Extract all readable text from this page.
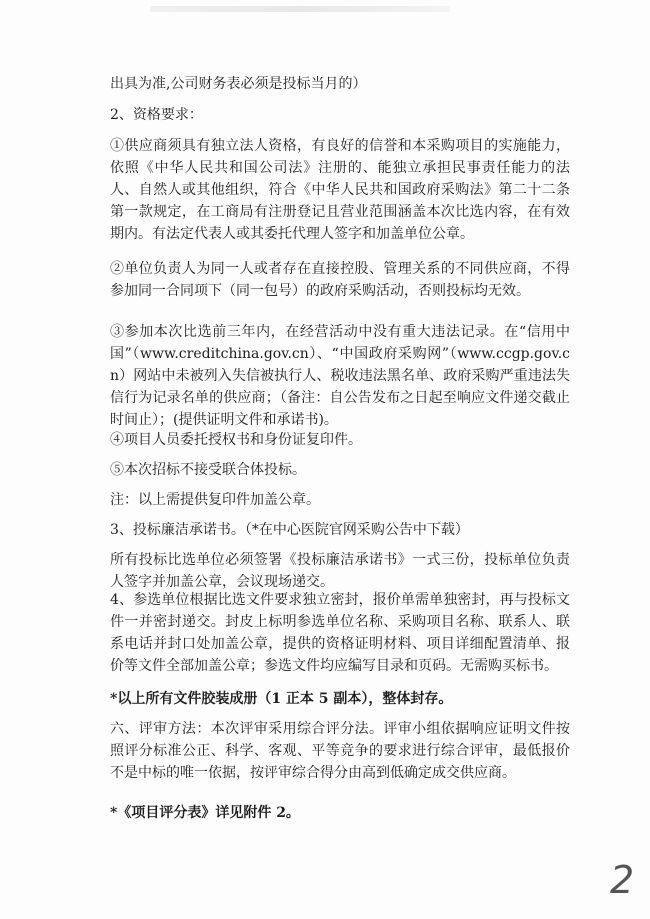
出具为准,公司财务表必须是投标当月的）

2、资格要求：

①供应商须具有独立法人资格，有良好的信誉和本采购项目的实施能力，依照《中华人民共和国公司法》注册的、能独立承担民事责任能力的法人、自然人或其他组织，符合《中华人民共和国政府采购法》第二十二条第一款规定，在工商局有注册登记且营业范围涵盖本次比选内容，在有效期内。有法定代表人或其委托代理人签字和加盖单位公章。

②单位负责人为同一人或者存在直接控股、管理关系的不同供应商，不得参加同一合同项下（同一包号）的政府采购活动，否则投标均无效。

③参加本次比选前三年内，在经营活动中没有重大违法记录。在“信用中国”（www.creditchina.gov.cn）、“中国政府采购网”（www.ccgp.gov.cn）网站中未被列入失信被执行人、税收违法黑名单、政府采购严重违法失信行为记录名单的供应商；（备注：自公告发布之日起至响应文件递交截止时间止）；(提供证明文件和承诺书)。

④项目人员委托授权书和身份证复印件。

⑤本次招标不接受联合体投标。

注：以上需提供复印件加盖公章。

3、投标廉洁承诺书。（*在中心医院官网采购公告中下载）

所有投标比选单位必须签署《投标廉洁承诺书》一式三份，投标单位负责人签字并加盖公章，会议现场递交。

4、参选单位根据比选文件要求独立密封，报价单需单独密封，再与投标文件一并密封递交。封皮上标明参选单位名称、采购项目名称、联系人、联系电话并封口处加盖公章，提供的资格证明材料、项目详细配置清单、报价等文件全部加盖公章；参选文件均应编写目录和页码。无需购买标书。

*以上所有文件胶装成册（1 正本 5 副本），整体封存。

六、评审方法：本次评审采用综合评分法。评审小组依据响应证明文件按照评分标准公正、科学、客观、平等竞争的要求进行综合评审，最低报价不是中标的唯一依据，按评审综合得分由高到低确定成交供应商。

*《项目评分表》详见附件 2。

2
